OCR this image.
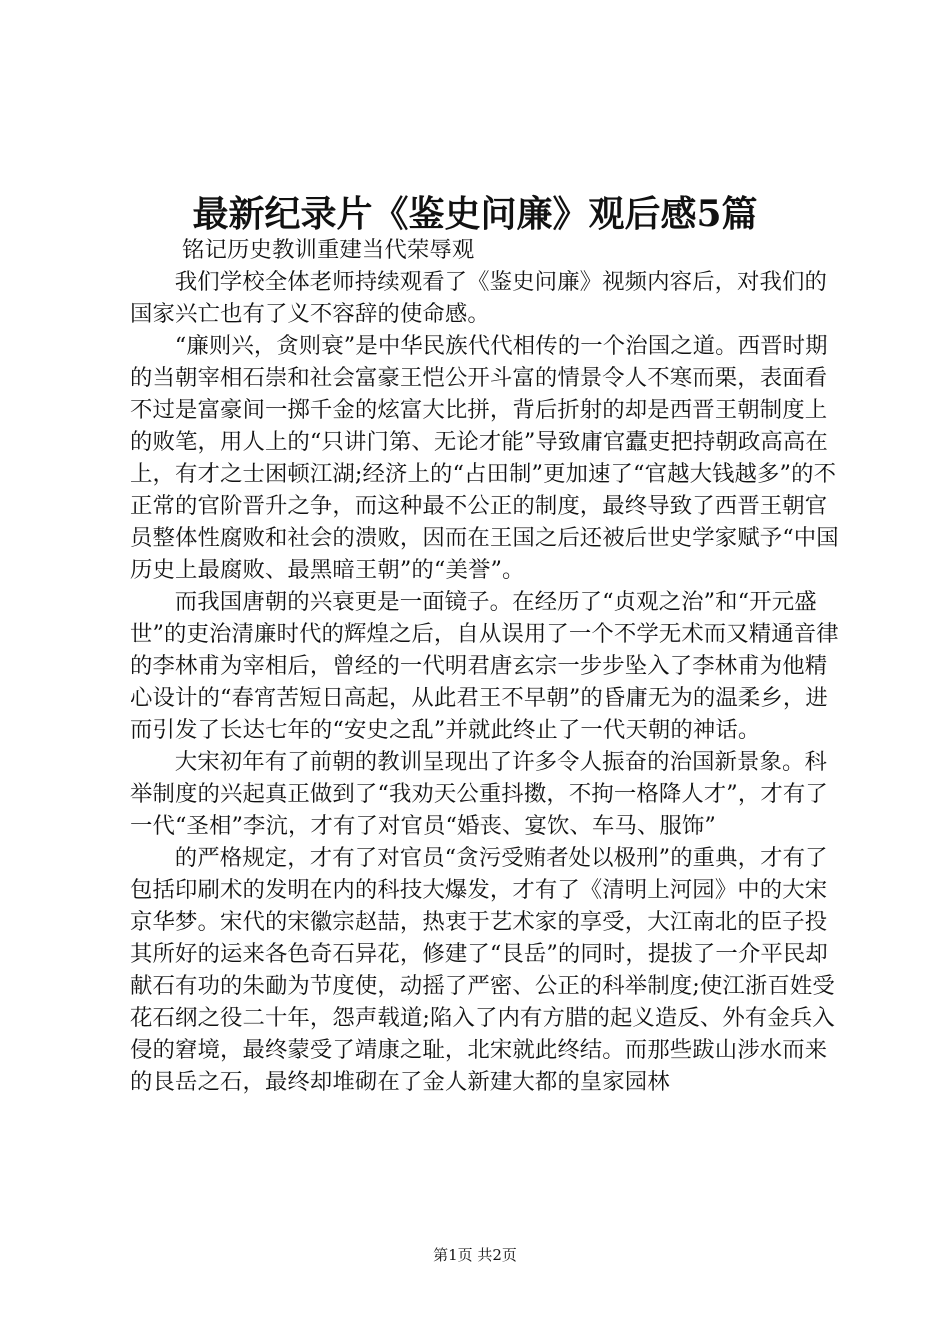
最新纪录片《鉴史问廉》观后感5篇

铭记历史教训重建当代荣辱观

我们学校全体老师持续观看了《鉴史问廉》视频内容后，对我们的国家兴亡也有了义不容辞的使命感。

“廉则兴，贪则衰”是中华民族代代相传的一个治国之道。西晋时期的当朝宰相石崇和社会富豪王恺公开斗富的情景令人不寒而栗，表面看不过是富豪间一掷千金的炫富大比拼，背后折射的却是西晋王朝制度上的败笔，用人上的“只讲门第、无论才能”导致庸官蠹吏把持朝政高高在上，有才之士困顿江湖;经济上的“占田制”更加速了“官越大钱越多”的不正常的官阶晋升之争，而这种最不公正的制度，最终导致了西晋王朝官员整体性腐败和社会的溃败，因而在王国之后还被后世史学家赋予“中国历史上最腐败、最黑暗王朝”的“美誉”。

而我国唐朝的兴衰更是一面镜子。在经历了“贞观之治”和“开元盛世”的吏治清廉时代的辉煌之后，自从误用了一个不学无术而又精通音律的李林甫为宰相后，曾经的一代明君唐玄宗一步步坠入了李林甫为他精心设计的“春宵苦短日高起，从此君王不早朝”的昏庸无为的温柔乡，进而引发了长达七年的“安史之乱”并就此终止了一代天朝的神话。

大宋初年有了前朝的教训呈现出了许多令人振奋的治国新景象。科举制度的兴起真正做到了“我劝天公重抖擞，不拘一格降人才”，才有了一代“圣相”李沆，才有了对官员“婚丧、宴饮、车马、服饰”

的严格规定，才有了对官员“贪污受贿者处以极刑”的重典，才有了包括印刷术的发明在内的科技大爆发，才有了《清明上河园》中的大宋京华梦。宋代的宋徽宗赵喆，热衷于艺术家的享受，大江南北的臣子投其所好的运来各色奇石异花，修建了“艮岳”的同时，提拔了一介平民却献石有功的朱勔为节度使，动摇了严密、公正的科举制度;使江浙百姓受花石纲之役二十年，怨声载道;陷入了内有方腊的起义造反、外有金兵入侵的窘境，最终蒙受了靖康之耻，北宋就此终结。而那些跋山涉水而来的艮岳之石，最终却堆砌在了金人新建大都的皇家园林

第1页 共2页
